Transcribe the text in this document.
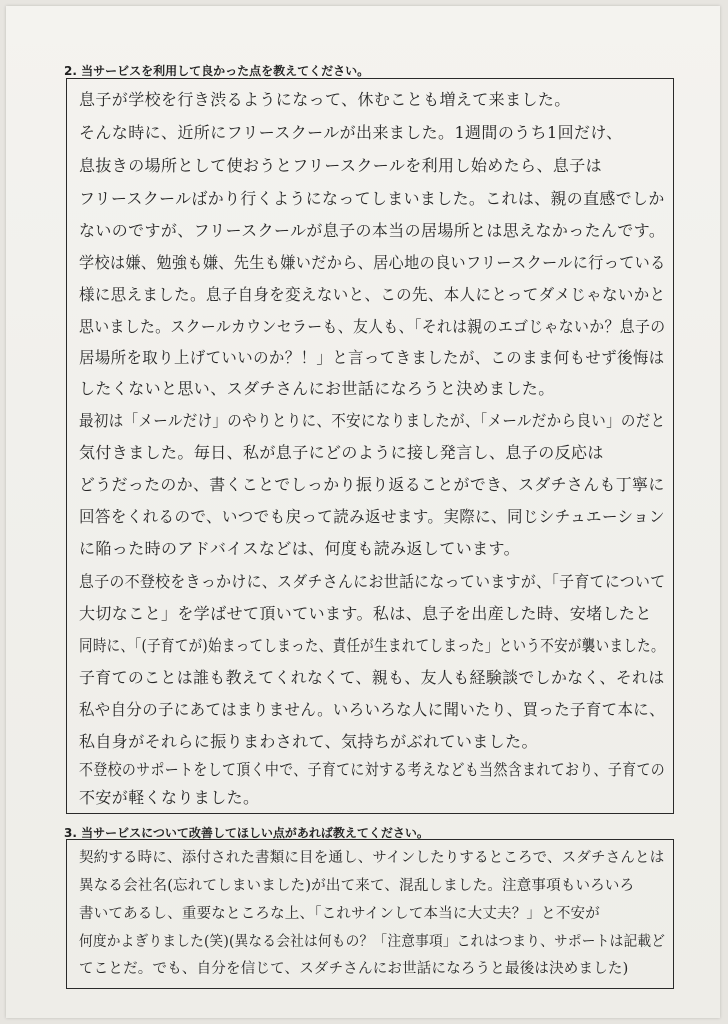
2. 当サービスを利用して良かった点を教えてください。
息子が学校を行き渋るようになって、休むことも増えて来ました。
そんな時に、近所にフリースクールが出来ました。1週間のうち1回だけ、
息抜きの場所として使おうとフリースクールを利用し始めたら、息子は
フリースクールばかり行くようになってしまいました。これは、親の直感でしか
ないのですが、フリースクールが息子の本当の居場所とは思えなかったんです。
学校は嫌、勉強も嫌、先生も嫌いだから、居心地の良いフリースクールに行っている
様に思えました。息子自身を変えないと、この先、本人にとってダメじゃないかと
思いました。スクールカウンセラーも、友人も、「それは親のエゴじゃないか？息子の
居場所を取り上げていいのか？！」と言ってきましたが、このまま何もせず後悔は
したくないと思い、スダチさんにお世話になろうと決めました。
最初は「メールだけ」のやりとりに、不安になりましたが、「メールだから良い」のだと
気付きました。毎日、私が息子にどのように接し発言し、息子の反応は
どうだったのか、書くことでしっかり振り返ることができ、スダチさんも丁寧に
回答をくれるので、いつでも戻って読み返せます。実際に、同じシチュエーション
に陥った時のアドバイスなどは、何度も読み返しています。
息子の不登校をきっかけに、スダチさんにお世話になっていますが、「子育てについて
大切なこと」を学ばせて頂いています。私は、息子を出産した時、安堵したと
同時に、「(子育てが)始まってしまった、責任が生まれてしまった」という不安が襲いました。
子育てのことは誰も教えてくれなくて、親も、友人も経験談でしかなく、それは
私や自分の子にあてはまりません。いろいろな人に聞いたり、買った子育て本に、
私自身がそれらに振りまわされて、気持ちがぶれていました。
不登校のサポートをして頂く中で、子育てに対する考えなども当然含まれており、子育ての
不安が軽くなりました。
3. 当サービスについて改善してほしい点があれば教えてください。
契約する時に、添付された書類に目を通し、サインしたりするところで、スダチさんとは
異なる会社名(忘れてしまいました)が出て来て、混乱しました。注意事項もいろいろ
書いてあるし、重要なところな上、「これサインして本当に大丈夫？」と不安が
何度かよぎりました(笑)(異なる会社は何もの？「注意事項」これはつまり、サポートは記載ど
てことだ。でも、自分を信じて、スダチさんにお世話になろうと最後は決めました)
